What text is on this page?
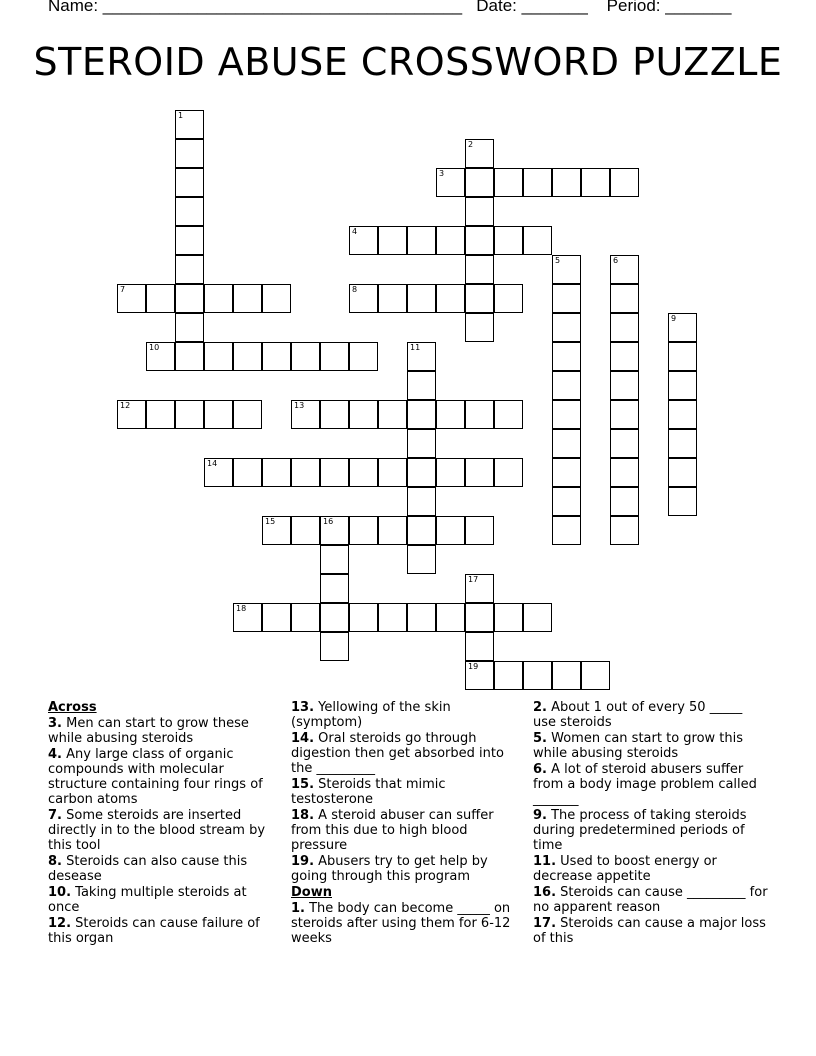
Name: ______________________________________   Date: _______    Period: _______
STEROID ABUSE CROSSWORD PUZZLE
1
2
3
4
5	6
7	8
9
10	11
12	13
14
15	16
17
19
18
Across
3. Men can start to grow these while abusing steroids
4. Any large class of organic compounds with molecular structure containing four rings of carbon atoms
7. Some steroids are inserted directly in to the blood stream by this tool
8. Steroids can also cause this desease
10. Taking multiple steroids at once
12. Steroids can cause failure of this organ
13. Yellowing of the skin (symptom)
14. Oral steroids go through digestion then get absorbed into the _________
15. Steroids that mimic testosterone
18. A steroid abuser can suffer from this due to high blood pressure
19. Abusers try to get help by going through this program
Down
1. The body can become _____ on steroids after using them for 6-12 weeks
2. About 1 out of every 50 _____ use steroids
5. Women can start to grow this while abusing steroids
6. A lot of steroid abusers suffer from a body image problem called _______
9. The process of taking steroids during predetermined periods of time
11. Used to boost energy or decrease appetite
16. Steroids can cause _________ for no apparent reason
17. Steroids can cause a major loss of this
